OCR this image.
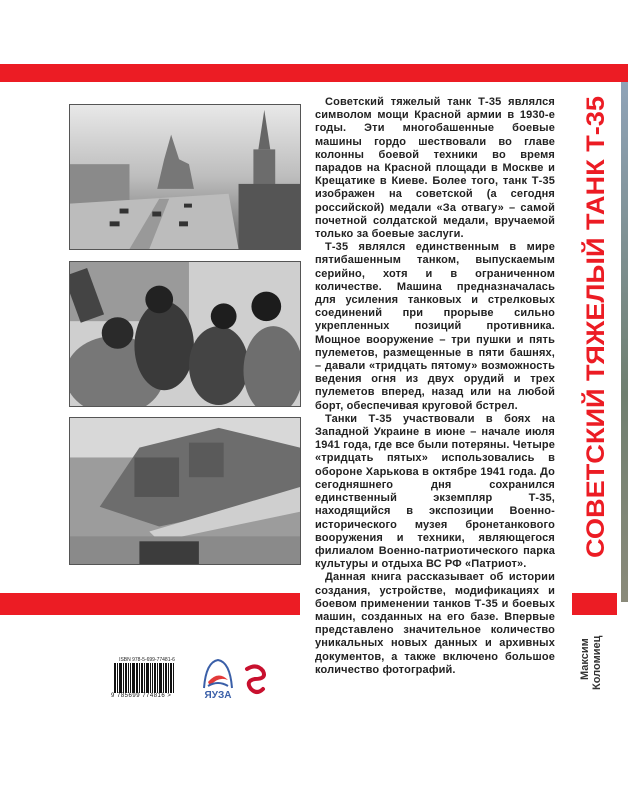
Советский тяжелый танк Т-35 являлся символом мощи Красной армии в 1930-е годы. Эти многобашенные боевые машины гордо шествовали во главе колонны боевой техники во время парадов на Красной площади в Москве и Крещатике в Киеве. Более того, танк Т-35 изображен на советской (а сегодня российской) медали «За отвагу» – самой почетной солдатской медали, вручаемой только за боевые заслуги.

Т-35 являлся единственным в мире пятибашенным танком, выпускаемым серийно, хотя и в ограниченном количестве. Машина предназначалась для усиления танковых и стрелковых соединений при прорыве сильно укрепленных позиций противника. Мощное вооружение – три пушки и пять пулеметов, размещенные в пяти башнях, – давали «тридцать пятому» возможность ведения огня из двух орудий и трех пулеметов вперед, назад или на любой борт, обеспечивая круговой бстрел.

Танки Т-35 участвовали в боях на Западной Украине в июне – начале июля 1941 года, где все были потеряны. Четыре «тридцать пятых» использовались в обороне Харькова в октябре 1941 года. До сегодняшнего дня сохранился единственный экземпляр Т-35, находящийся в экспозиции Военно-исторического музея бронетанкового вооружения и техники, являющегося филиалом Военно-патриотического парка культуры и отдыха ВС РФ «Патриот».

Данная книга рассказывает об истории создания, устройстве, модификациях и боевом применении танков Т-35 и боевых машин, созданных на его базе. Впервые представлено значительное количество уникальных новых данных и архивных документов, а также включено большое количество фотографий.

СОВЕТСКИЙ ТЯЖЕЛЫЙ ТАНК Т-35
Максим Коломиец
ISBN 978-5-699-77481-6
9 785699 774816 >	ЯУЗА
